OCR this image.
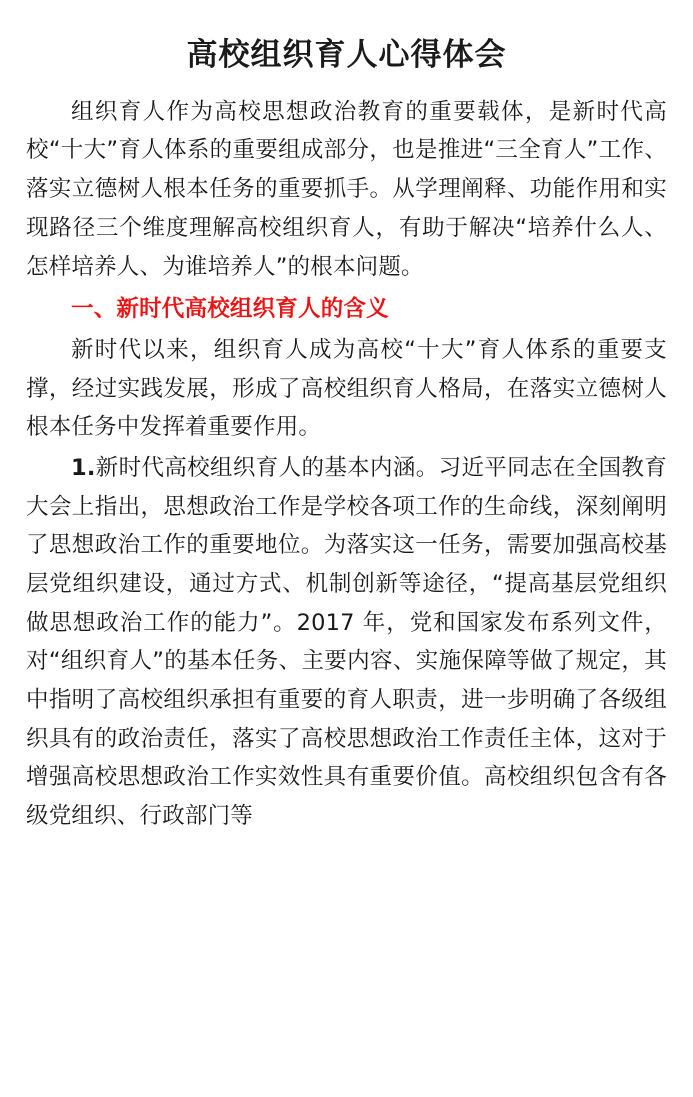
高校组织育人心得体会

组织育人作为高校思想政治教育的重要载体，是新时代高校“十大”育人体系的重要组成部分，也是推进“三全育人”工作、落实立德树人根本任务的重要抓手。从学理阐释、功能作用和实现路径三个维度理解高校组织育人，有助于解决“培养什么人、怎样培养人、为谁培养人”的根本问题。

一、新时代高校组织育人的含义

新时代以来，组织育人成为高校“十大”育人体系的重要支撑，经过实践发展，形成了高校组织育人格局，在落实立德树人根本任务中发挥着重要作用。

1.新时代高校组织育人的基本内涵。习近平同志在全国教育大会上指出，思想政治工作是学校各项工作的生命线，深刻阐明了思想政治工作的重要地位。为落实这一任务，需要加强高校基层党组织建设，通过方式、机制创新等途径，“提高基层党组织做思想政治工作的能力”。2017 年，党和国家发布系列文件，对“组织育人”的基本任务、主要内容、实施保障等做了规定，其中指明了高校组织承担有重要的育人职责，进一步明确了各级组织具有的政治责任，落实了高校思想政治工作责任主体，这对于增强高校思想政治工作实效性具有重要价值。高校组织包含有各级党组织、行政部门等
